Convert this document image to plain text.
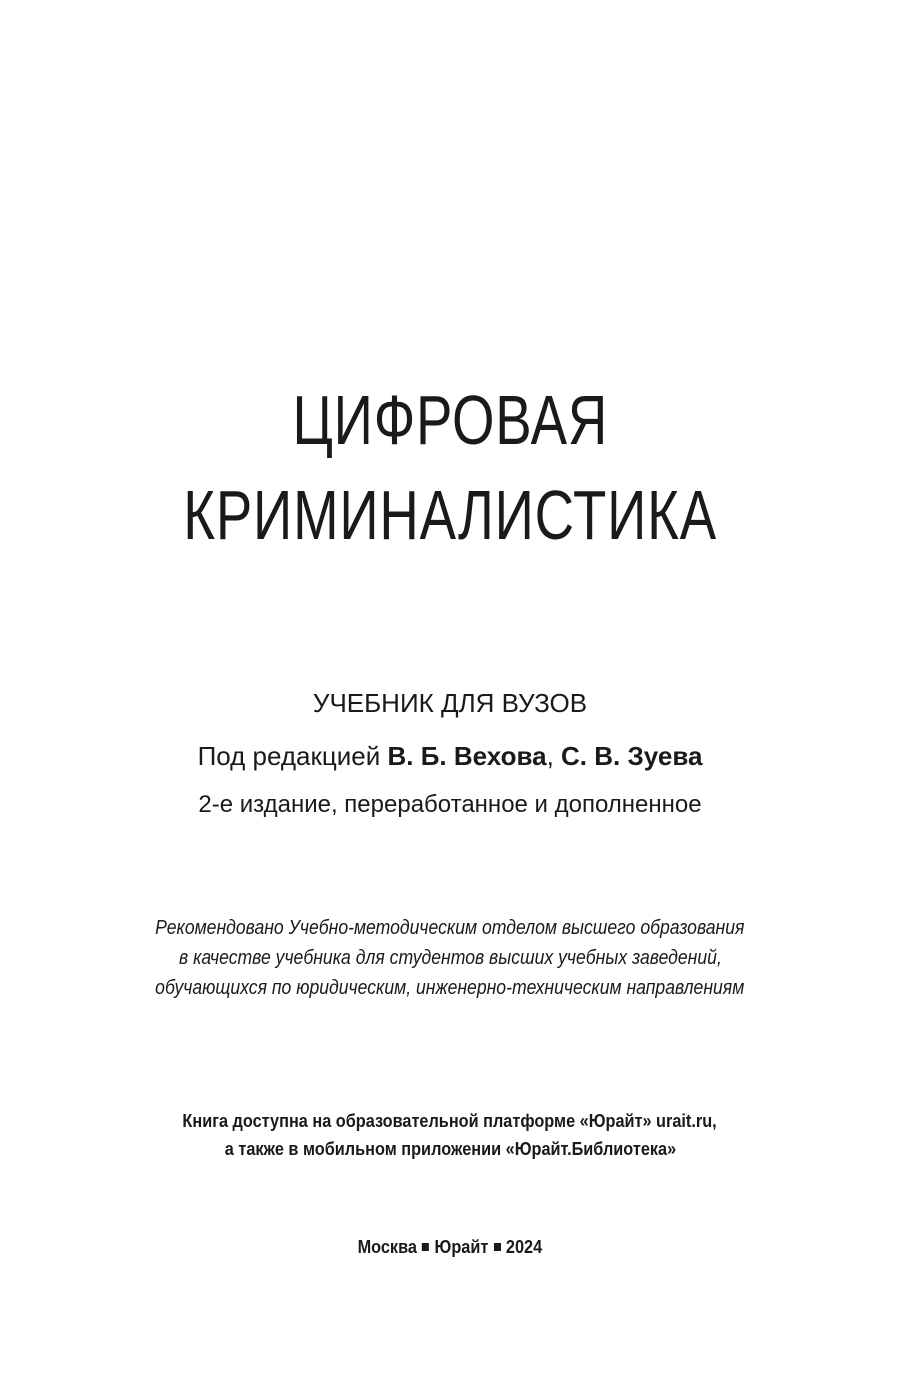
ЦИФРОВАЯ
КРИМИНАЛИСТИКА
УЧЕБНИК ДЛЯ ВУЗОВ
Под редакцией В. Б. Вехова, С. В. Зуева
2-е издание, переработанное и дополненное
Рекомендовано Учебно-методическим отделом высшего образования
в качестве учебника для студентов высших учебных заведений,
обучающихся по юридическим, инженерно-техническим направлениям
Книга доступна на образовательной платформе «Юрайт» urait.ru,
а также в мобильном приложении «Юрайт.Библиотека»
Москва Юрайт 2024
